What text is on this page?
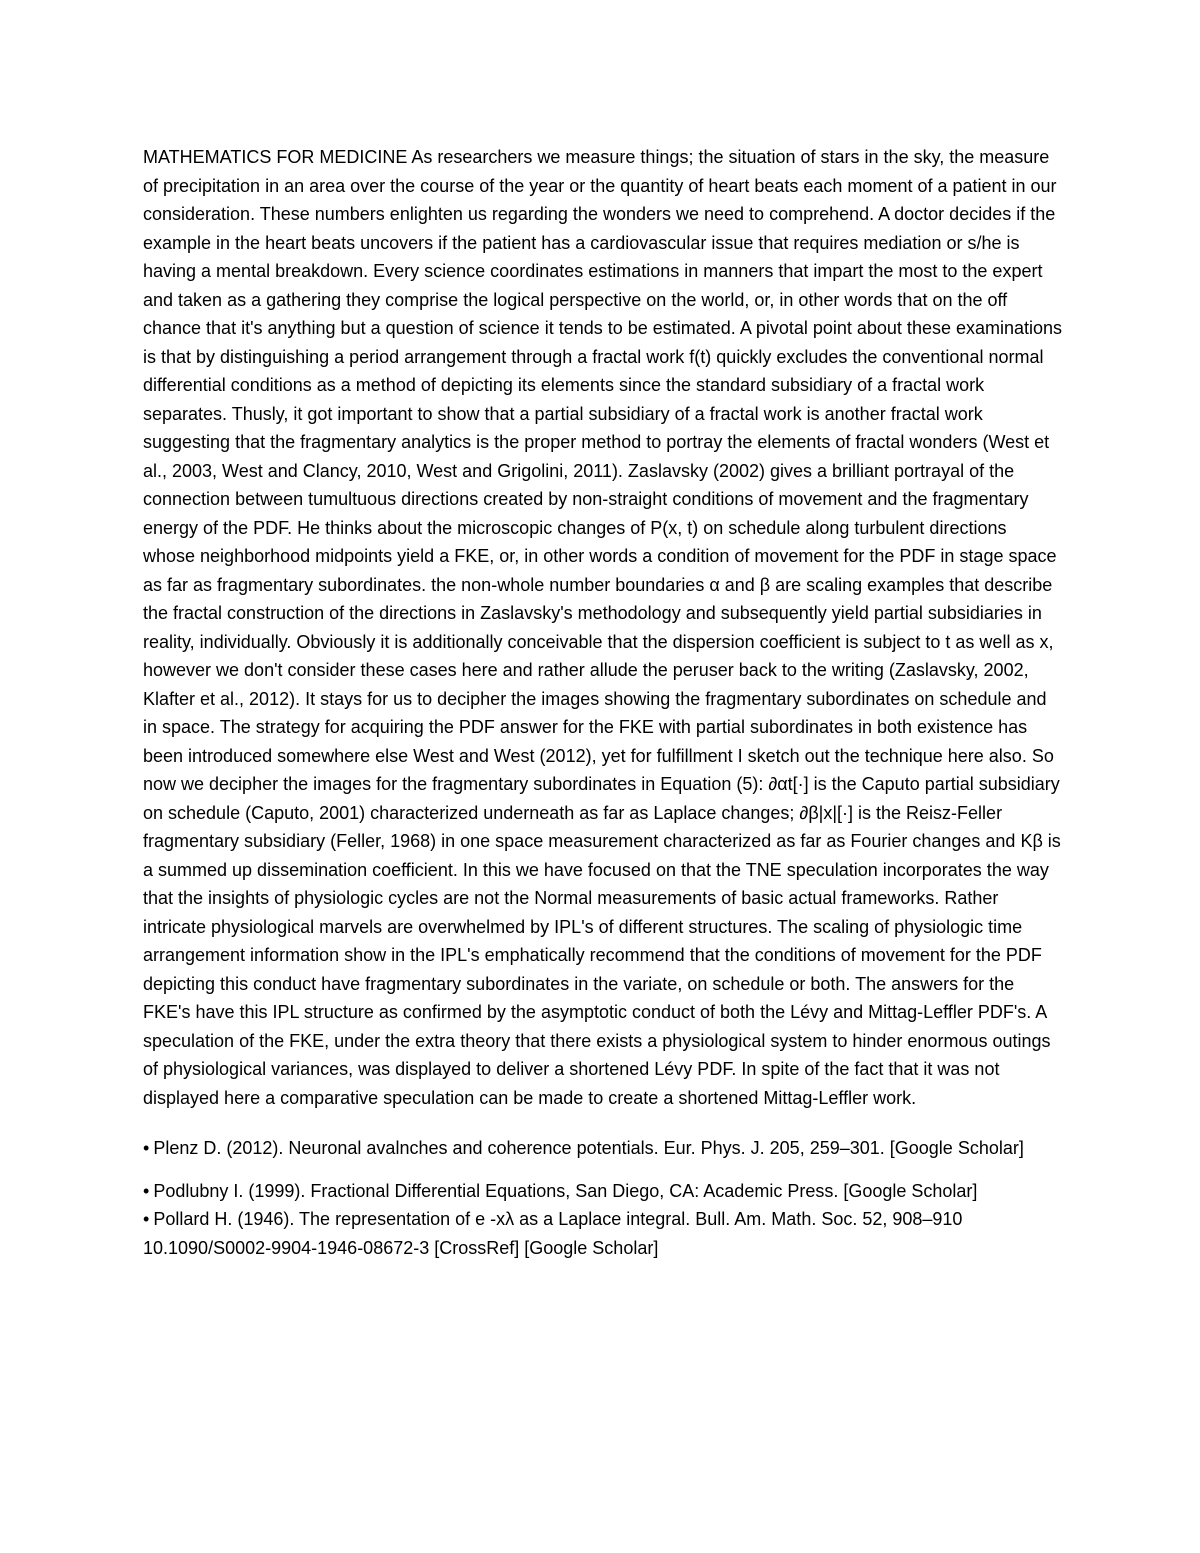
MATHEMATICS FOR MEDICINE As researchers we measure things; the situation of stars in the sky, the measure of precipitation in an area over the course of the year or the quantity of heart beats each moment of a patient in our consideration. These numbers enlighten us regarding the wonders we need to comprehend. A doctor decides if the example in the heart beats uncovers if the patient has a cardiovascular issue that requires mediation or s/he is having a mental breakdown. Every science coordinates estimations in manners that impart the most to the expert and taken as a gathering they comprise the logical perspective on the world, or, in other words that on the off chance that it's anything but a question of science it tends to be estimated. A pivotal point about these examinations is that by distinguishing a period arrangement through a fractal work f(t) quickly excludes the conventional normal differential conditions as a method of depicting its elements since the standard subsidiary of a fractal work separates. Thusly, it got important to show that a partial subsidiary of a fractal work is another fractal work suggesting that the fragmentary analytics is the proper method to portray the elements of fractal wonders (West et al., 2003, West and Clancy, 2010, West and Grigolini, 2011). Zaslavsky (2002) gives a brilliant portrayal of the connection between tumultuous directions created by non-straight conditions of movement and the fragmentary energy of the PDF. He thinks about the microscopic changes of P(x, t) on schedule along turbulent directions whose neighborhood midpoints yield a FKE, or, in other words a condition of movement for the PDF in stage space as far as fragmentary subordinates. the non-whole number boundaries α and β are scaling examples that describe the fractal construction of the directions in Zaslavsky's methodology and subsequently yield partial subsidiaries in reality, individually. Obviously it is additionally conceivable that the dispersion coefficient is subject to t as well as x, however we don't consider these cases here and rather allude the peruser back to the writing (Zaslavsky, 2002, Klafter et al., 2012). It stays for us to decipher the images showing the fragmentary subordinates on schedule and in space. The strategy for acquiring the PDF answer for the FKE with partial subordinates in both existence has been introduced somewhere else West and West (2012), yet for fulfillment I sketch out the technique here also. So now we decipher the images for the fragmentary subordinates in Equation (5): ∂αt[·] is the Caputo partial subsidiary on schedule (Caputo, 2001) characterized underneath as far as Laplace changes; ∂β|x|[·] is the Reisz-Feller fragmentary subsidiary (Feller, 1968) in one space measurement characterized as far as Fourier changes and Kβ is a summed up dissemination coefficient. In this we have focused on that the TNE speculation incorporates the way that the insights of physiologic cycles are not the Normal measurements of basic actual frameworks. Rather intricate physiological marvels are overwhelmed by IPL's of different structures. The scaling of physiologic time arrangement information show in the IPL's emphatically recommend that the conditions of movement for the PDF depicting this conduct have fragmentary subordinates in the variate, on schedule or both. The answers for the FKE's have this IPL structure as confirmed by the asymptotic conduct of both the Lévy and Mittag-Leffler PDF's. A speculation of the FKE, under the extra theory that there exists a physiological system to hinder enormous outings of physiological variances, was displayed to deliver a shortened Lévy PDF. In spite of the fact that it was not displayed here a comparative speculation can be made to create a shortened Mittag-Leffler work.

• Plenz D. (2012). Neuronal avalnches and coherence potentials. Eur. Phys. J. 205, 259–301. [Google Scholar]

• Podlubny I. (1999). Fractional Differential Equations, San Diego, CA: Academic Press. [Google Scholar]

• Pollard H. (1946). The representation of e -xλ as a Laplace integral. Bull. Am. Math. Soc. 52, 908–910 10.1090/S0002-9904-1946-08672-3 [CrossRef] [Google Scholar]
